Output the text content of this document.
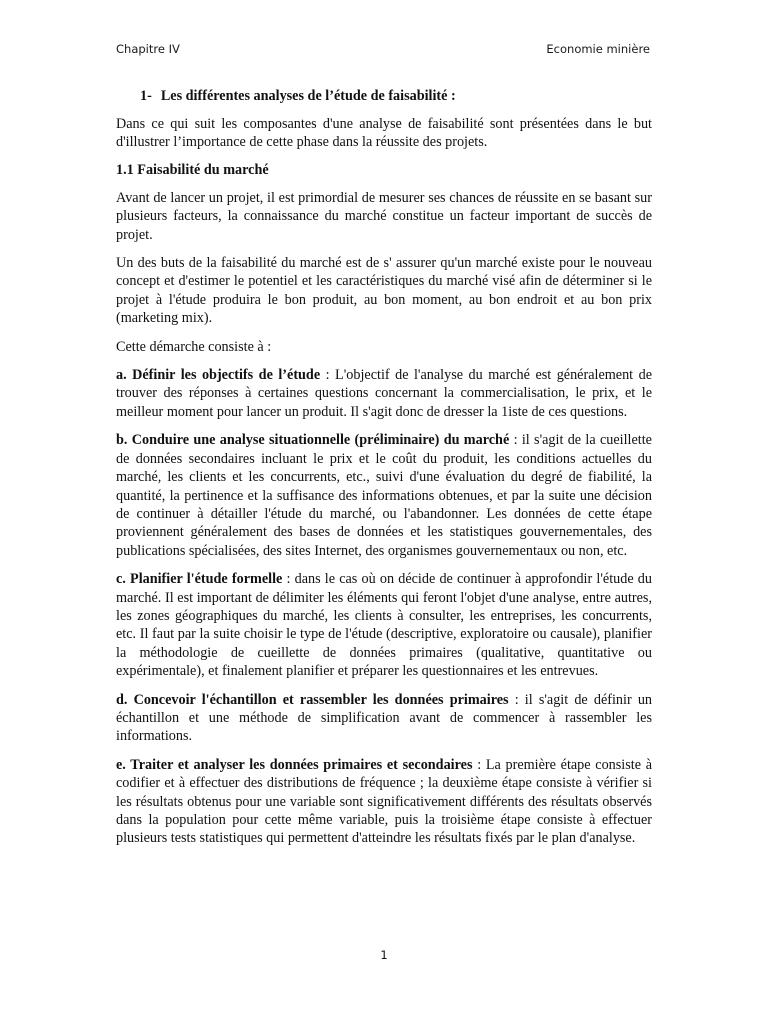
Chapitre IV	Economie minière
1- Les différentes analyses de l’étude de faisabilité :

Dans ce qui suit les composantes d'une analyse de faisabilité sont présentées dans le but d'illustrer l’importance de cette phase dans la réussite des projets.

1.1 Faisabilité du marché

Avant de lancer un projet, il est primordial de mesurer ses chances de réussite en se basant sur plusieurs facteurs, la connaissance du marché constitue un facteur important de succès de projet.

Un des buts de la faisabilité du marché est de s' assurer qu'un marché existe pour le nouveau concept et d'estimer le potentiel et les caractéristiques du marché visé afin de déterminer si le projet à l'étude produira le bon produit, au bon moment, au bon endroit et au bon prix (marketing mix).

Cette démarche consiste à :

a. Définir les objectifs de l’étude : L'objectif de l'analyse du marché est généralement de trouver des réponses à certaines questions concernant la commercialisation, le prix, et le meilleur moment pour lancer un produit. Il s'agit donc de dresser la 1iste de ces questions.

b. Conduire une analyse situationnelle (préliminaire) du marché : il s'agit de la cueillette de données secondaires incluant le prix et le coût du produit, les conditions actuelles du marché, les clients et les concurrents, etc., suivi d'une évaluation du degré de fiabilité, la quantité, la pertinence et la suffisance des informations obtenues, et par la suite une décision de continuer à détailler l'étude du marché, ou l'abandonner. Les données de cette étape proviennent généralement des bases de données et les statistiques gouvernementales, des publications spécialisées, des sites Internet, des organismes gouvernementaux ou non, etc.

c. Planifier l'étude formelle : dans le cas où on décide de continuer à approfondir l'étude du marché. Il est important de délimiter les éléments qui feront l'objet d'une analyse, entre autres, les zones géographiques du marché, les clients à consulter, les entreprises, les concurrents, etc. Il faut par la suite choisir le type de l'étude (descriptive, exploratoire ou causale), planifier la méthodologie de cueillette de données primaires (qualitative, quantitative ou expérimentale), et finalement planifier et préparer les questionnaires et les entrevues.

d. Concevoir l'échantillon et rassembler les données primaires : il s'agit de définir un échantillon et une méthode de simplification avant de commencer à rassembler les informations.

e. Traiter et analyser les données primaires et secondaires : La première étape consiste à codifier et à effectuer des distributions de fréquence ; la deuxième étape consiste à vérifier si les résultats obtenus pour une variable sont significativement différents des résultats observés dans la population pour cette même variable, puis la troisième étape consiste à effectuer plusieurs tests statistiques qui permettent d'atteindre les résultats fixés par le plan d'analyse.

1
